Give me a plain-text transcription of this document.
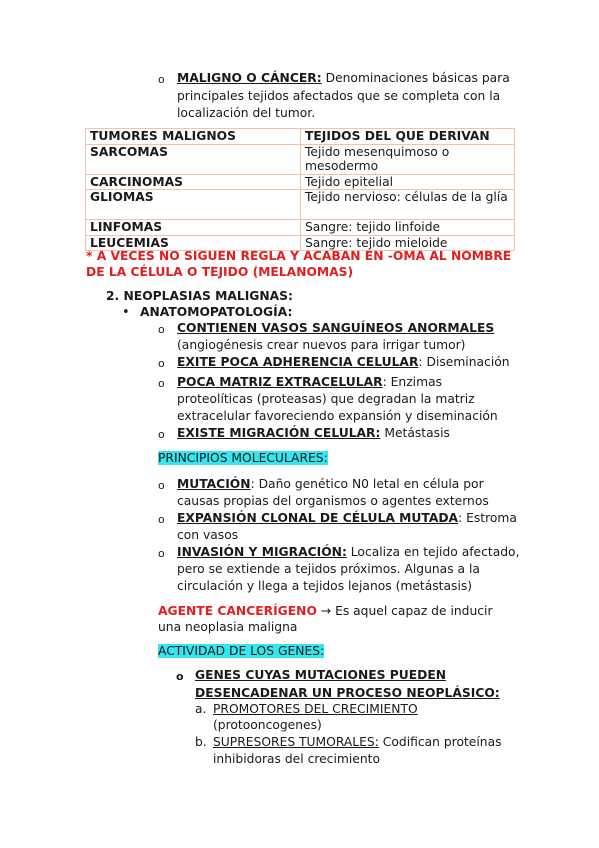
o MALIGNO O CÁNCER: Denominaciones básicas para
principales tejidos afectados que se completa con la
localización del tumor.
TUMORES MALIGNOS	TEJIDOS DEL QUE DERIVAN
SARCOMAS	Tejido mesenquimoso o
mesodermo
CARCINOMAS	Tejido epitelial
GLIOMAS	Tejido nervioso: células de la glía
LINFOMAS	Sangre: tejido linfoide
LEUCEMIAS	Sangre: tejido mieloide
* A VECES NO SIGUEN REGLA Y ACABAN EN -OMA AL NOMBRE
DE LA CÉLULA O TEJIDO (MELANOMAS)
2. NEOPLASIAS MALIGNAS:
• ANATOMOPATOLOGÍA:
o CONTIENEN VASOS SANGUÍNEOS ANORMALES
(angiogénesis crear nuevos para irrigar tumor)
o EXITE POCA ADHERENCIA CELULAR: Diseminación
o POCA MATRIZ EXTRACELULAR: Enzimas
proteolíticas (proteasas) que degradan la matriz
extracelular favoreciendo expansión y diseminación
o EXISTE MIGRACIÓN CELULAR: Metástasis
PRINCIPIOS MOLECULARES:
o MUTACIÓN: Daño genético N0 letal en célula por
causas propias del organismos o agentes externos
o EXPANSIÓN CLONAL DE CÉLULA MUTADA: Estroma
con vasos
o INVASIÓN Y MIGRACIÓN: Localiza en tejido afectado,
pero se extiende a tejidos próximos. Algunas a la
circulación y llega a tejidos lejanos (metástasis)
AGENTE CANCERÍGENO → Es aquel capaz de inducir
una neoplasia maligna
ACTIVIDAD DE LOS GENES:
o GENES CUYAS MUTACIONES PUEDEN
DESENCADENAR UN PROCESO NEOPLÁSICO:
a. PROMOTORES DEL CRECIMIENTO
(protooncogenes)
b. SUPRESORES TUMORALES: Codifican proteínas
inhibidoras del crecimiento
